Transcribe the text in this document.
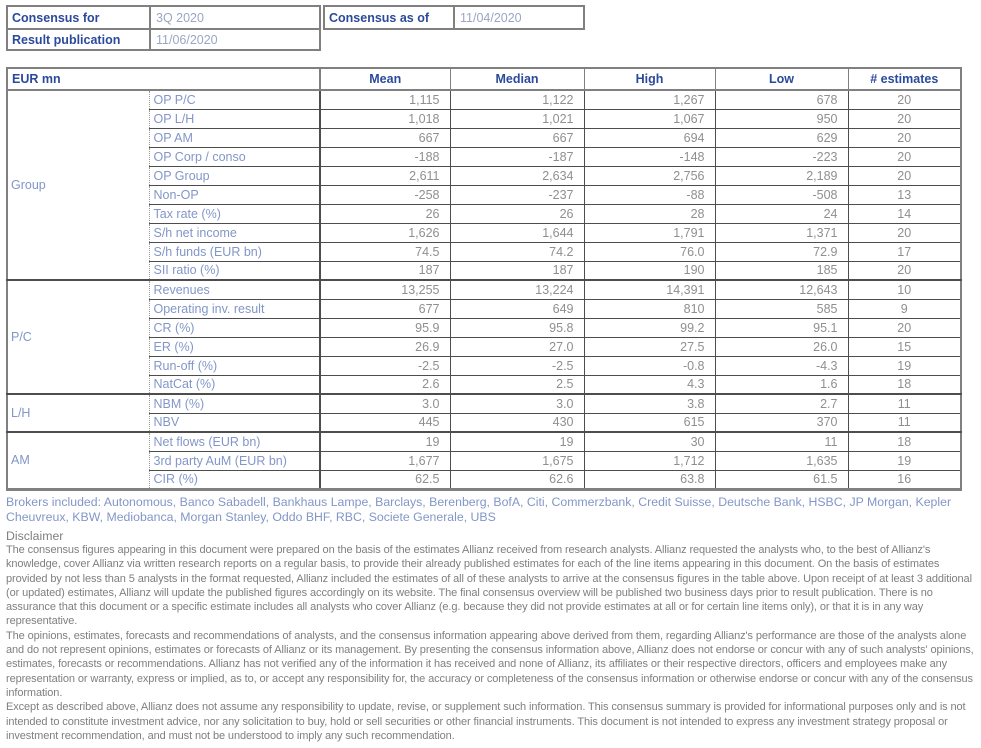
Consensus for	3Q 2020
Result publication	11/06/2020
Consensus as of	11/04/2020
EUR mn		Mean	Median	High	Low	# estimates
Group	OP P/C	1,115	1,122	1,267	678	20
	OP L/H	1,018	1,021	1,067	950	20
	OP AM	667	667	694	629	20
	OP Corp / conso	-188	-187	-148	-223	20
	OP Group	2,611	2,634	2,756	2,189	20
	Non-OP	-258	-237	-88	-508	13
	Tax rate (%)	26	26	28	24	14
	S/h net income	1,626	1,644	1,791	1,371	20
	S/h funds (EUR bn)	74.5	74.2	76.0	72.9	17
	SII ratio (%)	187	187	190	185	20
P/C	Revenues	13,255	13,224	14,391	12,643	10
	Operating inv. result	677	649	810	585	9
	CR (%)	95.9	95.8	99.2	95.1	20
	ER (%)	26.9	27.0	27.5	26.0	15
	Run-off (%)	-2.5	-2.5	-0.8	-4.3	19
	NatCat (%)	2.6	2.5	4.3	1.6	18
L/H	NBM (%)	3.0	3.0	3.8	2.7	11
	NBV	445	430	615	370	11
AM	Net flows (EUR bn)	19	19	30	11	18
	3rd party AuM (EUR bn)	1,677	1,675	1,712	1,635	19
	CIR (%)	62.5	62.6	63.8	61.5	16
Brokers included: Autonomous, Banco Sabadell, Bankhaus Lampe, Barclays, Berenberg, BofA, Citi, Commerzbank, Credit Suisse, Deutsche Bank, HSBC, JP Morgan, Kepler Cheuvreux, KBW, Mediobanca, Morgan Stanley, Oddo BHF, RBC, Societe Generale, UBS
Disclaimer

The consensus figures appearing in this document were prepared on the basis of the estimates Allianz received from research analysts. Allianz requested the analysts who, to the best of Allianz's knowledge, cover Allianz via written research reports on a regular basis, to provide their already published estimates for each of the line items appearing in this document. On the basis of estimates provided by not less than 5 analysts in the format requested, Allianz included the estimates of all of these analysts to arrive at the consensus figures in the table above. Upon receipt of at least 3 additional (or updated) estimates, Allianz will update the published figures accordingly on its website. The final consensus overview will be published two business days prior to result publication. There is no assurance that this document or a specific estimate includes all analysts who cover Allianz (e.g. because they did not provide estimates at all or for certain line items only), or that it is in any way representative.

The opinions, estimates, forecasts and recommendations of analysts, and the consensus information appearing above derived from them, regarding Allianz's performance are those of the analysts alone and do not represent opinions, estimates or forecasts of Allianz or its management. By presenting the consensus information above, Allianz does not endorse or concur with any of such analysts' opinions, estimates, forecasts or recommendations. Allianz has not verified any of the information it has received and none of Allianz, its affiliates or their respective directors, officers and employees make any representation or warranty, express or implied, as to, or accept any responsibility for, the accuracy or completeness of the consensus information or otherwise endorse or concur with any of the consensus information.

Except as described above, Allianz does not assume any responsibility to update, revise, or supplement such information. This consensus summary is provided for informational purposes only and is not intended to constitute investment advice, nor any solicitation to buy, hold or sell securities or other financial instruments. This document is not intended to express any investment strategy proposal or investment recommendation, and must not be understood to imply any such recommendation.
